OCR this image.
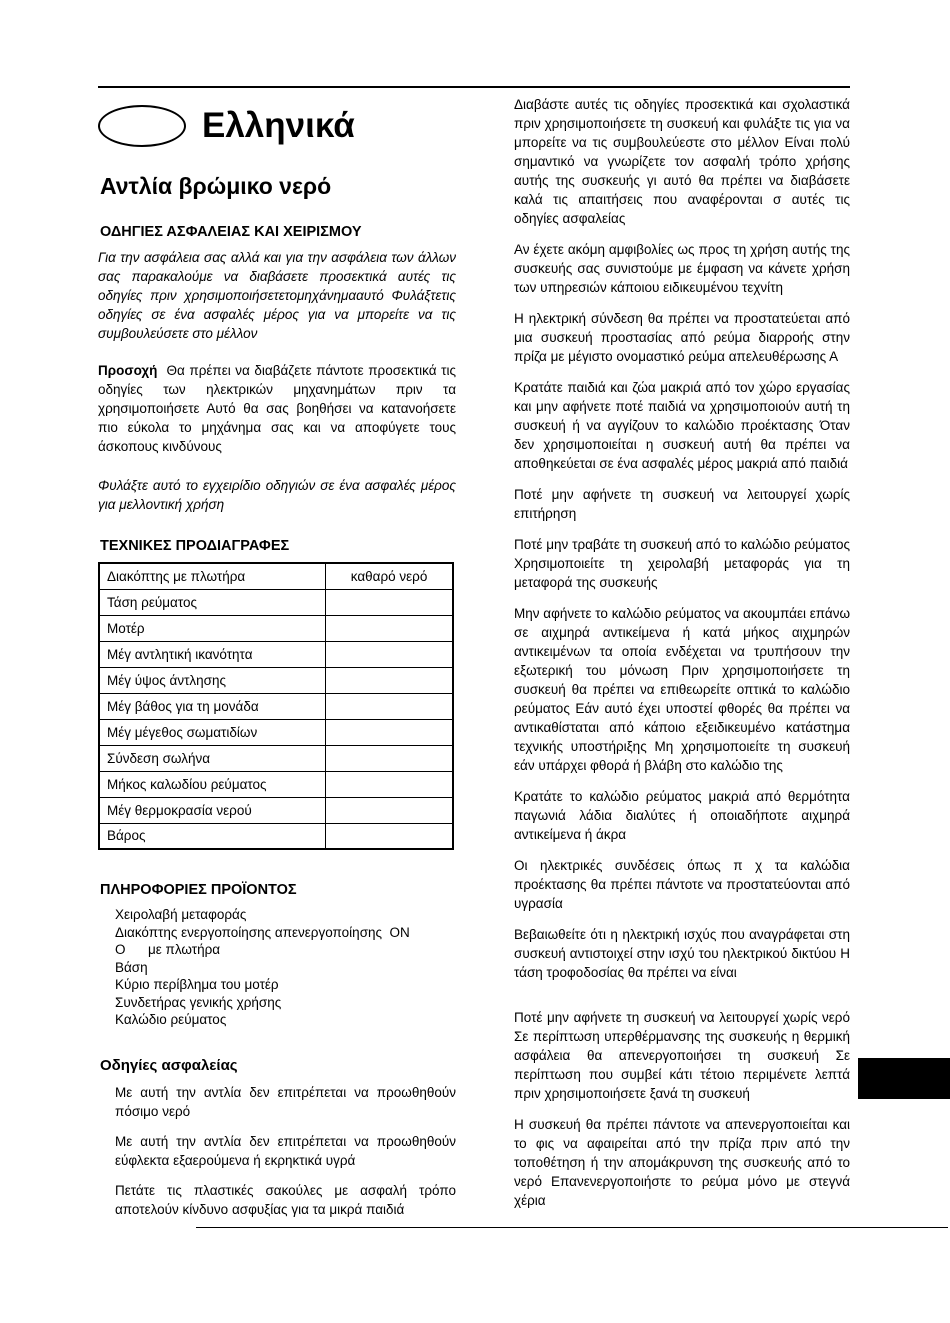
Ελληνικά
Αντλία βρώμικο νερό
ΟΔΗΓΙΕΣ ΑΣΦΑΛΕΙΑΣ ΚΑΙ ΧΕΙΡΙΣΜΟΥ

Για την ασφάλεια σας αλλά και για την ασφάλεια των άλλων σας παρακαλούμε να διαβάσετε προσεκτικά αυτές τις οδηγίες πριν χρησιμοποιήσετετομηχάνημααυτό Φυλάξτετις οδηγίες σε ένα ασφαλές μέρος για να μπορείτε να τις συμβουλεύσετε στο μέλλον

Προσοχή Θα πρέπει να διαβάζετε πάντοτε προσεκτικά τις οδηγίες των ηλεκτρικών μηχανημάτων πριν τα χρησιμοποιήσετε Αυτό θα σας βοηθήσει να κατανοήσετε πιο εύκολα το μηχάνημα σας και να αποφύγετε τους άσκοπους κινδύνους

Φυλάξτε αυτό το εγχειρίδιο οδηγιών σε ένα ασφαλές μέρος για μελλοντική χρήση

ΤΕΧΝΙΚΕΣ ΠΡΟΔΙΑΓΡΑΦΕΣ
Διακόπτης με πλωτήρα	καθαρό νερό
Τάση ρεύματος	
Μοτέρ	
Μέγ αντλητική ικανότητα	
Μέγ ύψος άντλησης	
Μέγ βάθος για τη μονάδα	
Μέγ μέγεθος σωματιδίων	
Σύνδεση σωλήνα	
Μήκος καλωδίου ρεύματος	
Μέγ θερμοκρασία νερού	
Βάρος	
ΠΛΗΡΟΦΟΡΙΕΣ ΠΡΟΪΟΝΤΟΣ
Χειρολαβή μεταφοράς
Διακόπτης ενεργοποίησης απενεργοποίησης  ON
Ο      με πλωτήρα
Βάση
Κύριο περίβλημα του μοτέρ
Συνδετήρας γενικής χρήσης
Καλώδιο ρεύματος
Οδηγίες ασφαλείας

Με αυτή την αντλία δεν επιτρέπεται να προωθηθούν πόσιμο νερό

Με αυτή την αντλία δεν επιτρέπεται να προωθηθούν εύφλεκτα εξαερούμενα ή εκρηκτικά υγρά

Πετάτε τις πλαστικές σακούλες με ασφαλή τρόπο αποτελούν κίνδυνο ασφυξίας για τα μικρά παιδιά

Διαβάστε αυτές τις οδηγίες προσεκτικά και σχολαστικά πριν χρησιμοποιήσετε τη συσκευή και φυλάξτε τις για να μπορείτε να τις συμβουλεύεστε στο μέλλον Είναι πολύ σημαντικό να γνωρίζετε τον ασφαλή τρόπο χρήσης αυτής της συσκευής γι αυτό θα πρέπει να διαβάσετε καλά τις απαιτήσεις που αναφέρονται σ αυτές τις οδηγίες ασφαλείας

Αν έχετε ακόμη αμφιβολίες ως προς τη χρήση αυτής της συσκευής σας συνιστούμε με έμφαση να κάνετε χρήση των υπηρεσιών κάποιου ειδικευμένου τεχνίτη

Η ηλεκτρική σύνδεση θα πρέπει να προστατεύεται από μια συσκευή προστασίας από ρεύμα διαρροής στην πρίζα με μέγιστο ονομαστικό ρεύμα απελευθέρωσης Α

Κρατάτε παιδιά και ζώα μακριά από τον χώρο εργασίας και μην αφήνετε ποτέ παιδιά να χρησιμοποιούν αυτή τη συσκευή ή να αγγίζουν το καλώδιο προέκτασης Όταν δεν χρησιμοποιείται η συσκευή αυτή θα πρέπει να αποθηκεύεται σε ένα ασφαλές μέρος μακριά από παιδιά

Ποτέ μην αφήνετε τη συσκευή να λειτουργεί χωρίς επιτήρηση

Ποτέ μην τραβάτε τη συσκευή από το καλώδιο ρεύματος Χρησιμοποιείτε τη χειρολαβή μεταφοράς για τη μεταφορά της συσκευής

Μην αφήνετε το καλώδιο ρεύματος να ακουμπάει επάνω σε αιχμηρά αντικείμενα ή κατά μήκος αιχμηρών αντικειμένων τα οποία ενδέχεται να τρυπήσουν την εξωτερική του μόνωση Πριν χρησιμοποιήσετε τη συσκευή θα πρέπει να επιθεωρείτε οπτικά το καλώδιο ρεύματος Εάν αυτό έχει υποστεί φθορές θα πρέπει να αντικαθίσταται από κάποιο εξειδικευμένο κατάστημα τεχνικής υποστήριξης Μη χρησιμοποιείτε τη συσκευή εάν υπάρχει φθορά ή βλάβη στο καλώδιο της

Κρατάτε το καλώδιο ρεύματος μακριά από θερμότητα παγωνιά λάδια διαλύτες ή οποιαδήποτε αιχμηρά αντικείμενα ή άκρα

Οι ηλεκτρικές συνδέσεις όπως π χ τα καλώδια προέκτασης θα πρέπει πάντοτε να προστατεύονται από υγρασία

Βεβαιωθείτε ότι η ηλεκτρική ισχύς που αναγράφεται στη συσκευή αντιστοιχεί στην ισχύ του ηλεκτρικού δικτύου Η τάση τροφοδοσίας θα πρέπει να είναι

Ποτέ μην αφήνετε τη συσκευή να λειτουργεί χωρίς νερό Σε περίπτωση υπερθέρμανσης της συσκευής η θερμική ασφάλεια θα απενεργοποιήσει τη συσκευή Σε περίπτωση που συμβεί κάτι τέτοιο περιμένετε λεπτά πριν χρησιμοποιήσετε ξανά τη συσκευή

Η συσκευή θα πρέπει πάντοτε να απενεργοποιείται και το φις να αφαιρείται από την πρίζα πριν από την τοποθέτηση ή την απομάκρυνση της συσκευής από το νερό Επανενεργοποιήστε το ρεύμα μόνο με στεγνά χέρια
